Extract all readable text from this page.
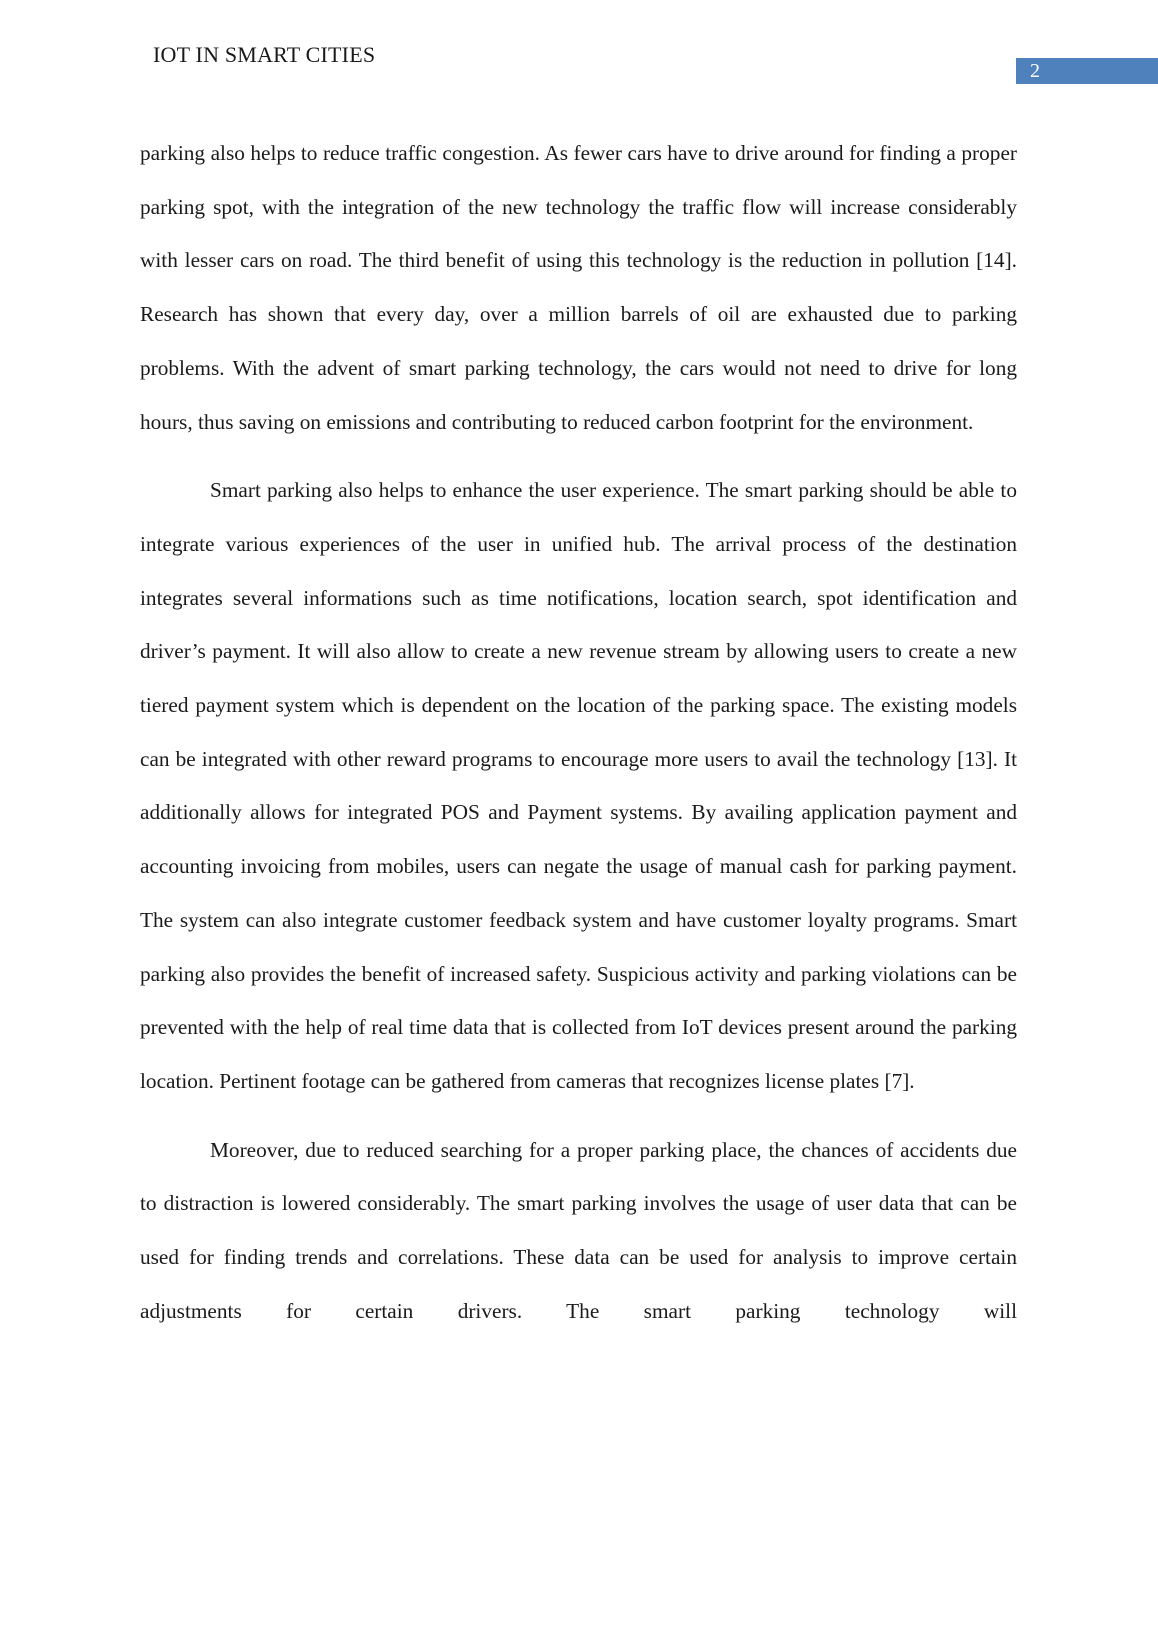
IOT IN SMART CITIES
2

parking also helps to reduce traffic congestion. As fewer cars have to drive around for finding a proper parking spot, with the integration of the new technology the traffic flow will increase considerably with lesser cars on road. The third benefit of using this technology is the reduction in pollution [14]. Research has shown that every day, over a million barrels of oil are exhausted due to parking problems. With the advent of smart parking technology, the cars would not need to drive for long hours, thus saving on emissions and contributing to reduced carbon footprint for the environment.

Smart parking also helps to enhance the user experience. The smart parking should be able to integrate various experiences of the user in unified hub. The arrival process of the destination integrates several informations such as time notifications, location search, spot identification and driver’s payment. It will also allow to create a new revenue stream by allowing users to create a new tiered payment system which is dependent on the location of the parking space. The existing models can be integrated with other reward programs to encourage more users to avail the technology [13]. It additionally allows for integrated POS and Payment systems. By availing application payment and accounting invoicing from mobiles, users can negate the usage of manual cash for parking payment. The system can also integrate customer feedback system and have customer loyalty programs. Smart parking also provides the benefit of increased safety. Suspicious activity and parking violations can be prevented with the help of real time data that is collected from IoT devices present around the parking location. Pertinent footage can be gathered from cameras that recognizes license plates [7].

Moreover, due to reduced searching for a proper parking place, the chances of accidents due to distraction is lowered considerably. The smart parking involves the usage of user data that can be used for finding trends and correlations. These data can be used for analysis to improve certain adjustments for certain drivers. The smart parking technology will
